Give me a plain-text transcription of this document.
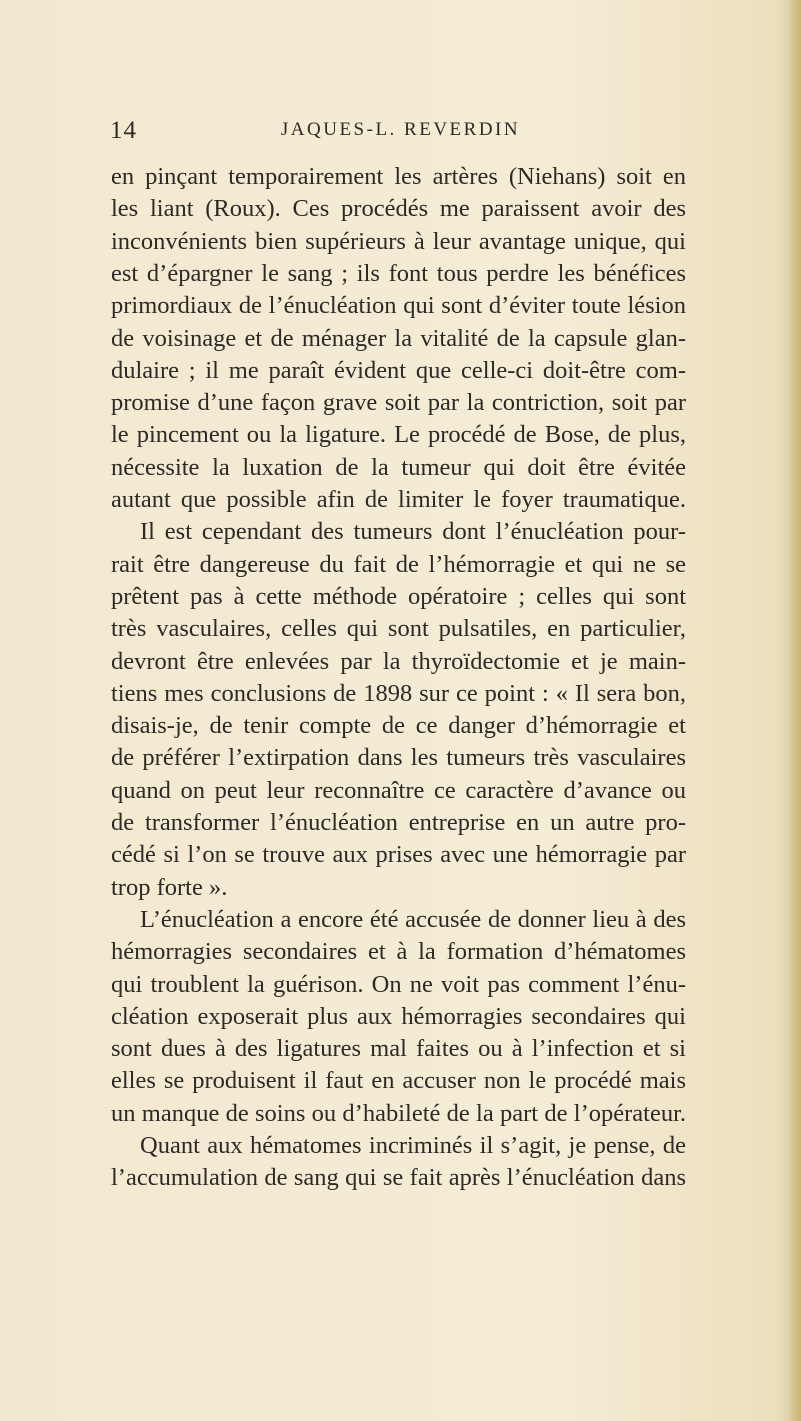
14	JAQUES-L. REVERDIN
en pinçant temporairement les artères (Niehans) soit en
les liant (Roux). Ces procédés me paraissent avoir des
inconvénients bien supérieurs à leur avantage unique, qui
est d’épargner le sang ; ils font tous perdre les bénéfices
primordiaux de l’énucléation qui sont d’éviter toute lésion
de voisinage et de ménager la vitalité de la capsule glan-
dulaire ; il me paraît évident que celle-ci doit-être com-
promise d’une façon grave soit par la contriction, soit par
le pincement ou la ligature. Le procédé de Bose, de plus,
nécessite la luxation de la tumeur qui doit être évitée
autant que possible afin de limiter le foyer traumatique.
Il est cependant des tumeurs dont l’énucléation pour-
rait être dangereuse du fait de l’hémorragie et qui ne se
prêtent pas à cette méthode opératoire ; celles qui sont
très vasculaires, celles qui sont pulsatiles, en particulier,
devront être enlevées par la thyroïdectomie et je main-
tiens mes conclusions de 1898 sur ce point : « Il sera bon,
disais-je, de tenir compte de ce danger d’hémorragie et
de préférer l’extirpation dans les tumeurs très vasculaires
quand on peut leur reconnaître ce caractère d’avance ou
de transformer l’énucléation entreprise en un autre pro-
cédé si l’on se trouve aux prises avec une hémorragie par
trop forte ».
L’énucléation a encore été accusée de donner lieu à des
hémorragies secondaires et à la formation d’hématomes
qui troublent la guérison. On ne voit pas comment l’énu-
cléation exposerait plus aux hémorragies secondaires qui
sont dues à des ligatures mal faites ou à l’infection et si
elles se produisent il faut en accuser non le procédé mais
un manque de soins ou d’habileté de la part de l’opérateur.
Quant aux hématomes incriminés il s’agit, je pense, de
l’accumulation de sang qui se fait après l’énucléation dans
